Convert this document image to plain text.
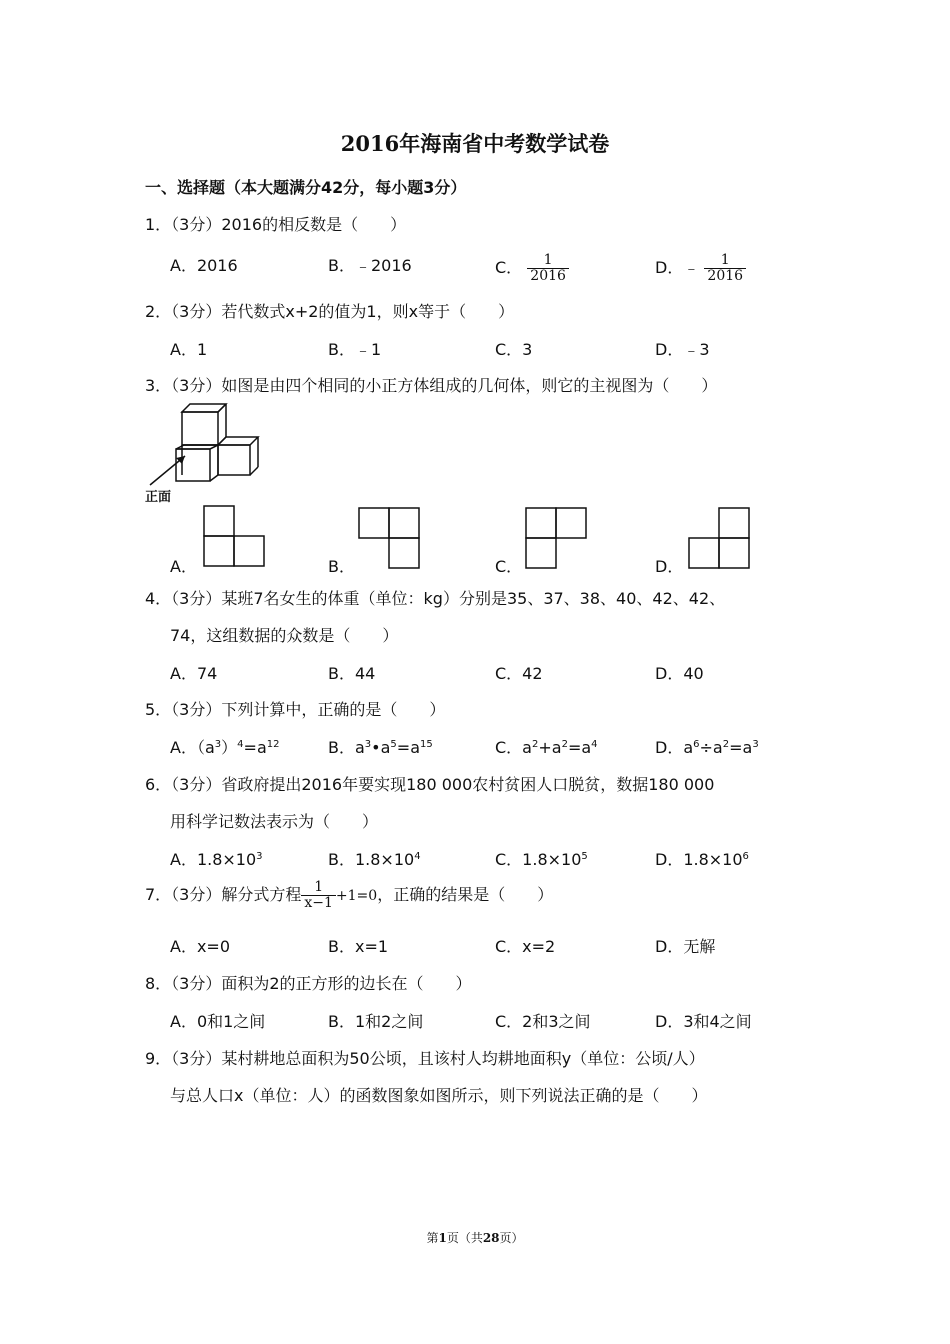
2016年海南省中考数学试卷
一、选择题（本大题满分42分，每小题3分）
1．（3分）2016的相反数是（　　）
A．2016	B．﹣2016	C． $\frac{1}{2016}$	D．﹣ $\frac{1}{2016}$
2．（3分）若代数式x+2的值为1，则x等于（　　）
A．1	B．﹣1	C．3	D．﹣3
3．（3分）如图是由四个相同的小正方体组成的几何体，则它的主视图为（　　）
正面
A．	B．	C．	D．
4．（3分）某班7名女生的体重（单位：kg）分别是35、37、38、40、42、42、
74，这组数据的众数是（　　）
A．74	B．44	C．42	D．40
5．（3分）下列计算中，正确的是（　　）
A．$(a^3)^4=a^{12}$	B．$a^3•a^5=a^{15}$	C．$a^2+a^2=a^4$	D．$a^6\div a^2=a^3$
6．（3分）省政府提出2016年要实现180 000农村贫困人口脱贫，数据180 000
用科学记数法表示为（　　）
A．$1.8\times 10^3$	B．$1.8\times 10^4$	C．$1.8\times 10^5$	D．$1.8\times 10^6$
7．（3分）解分式方程 $\frac{1}{x-1} +1=0$，正确的结果是（　　）
A．x=0	B．x=1	C．x=2	D．无解
8．（3分）面积为2的正方形的边长在（　　）
A．0和1之间	B．1和2之间	C．2和3之间	D．3和4之间
9．（3分）某村耕地总面积为50公顷，且该村人均耕地面积y（单位：公顷/人）
与总人口x（单位：人）的函数图象如图所示，则下列说法正确的是（　　）
第1页（共28页）
